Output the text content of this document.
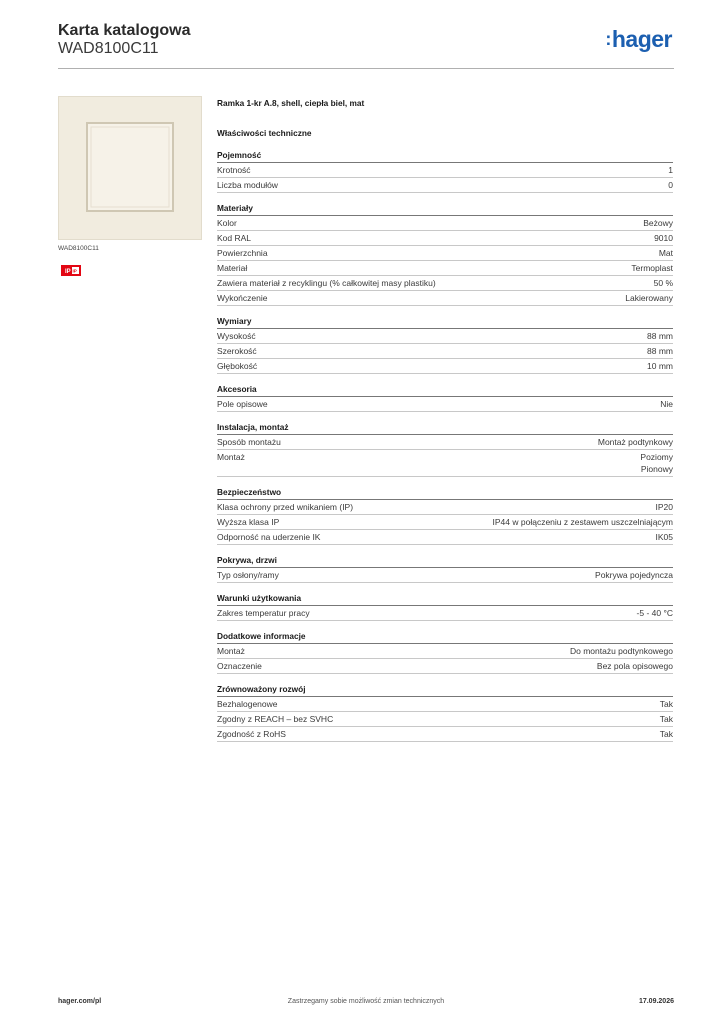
Karta katalogowa
WAD8100C11	:hager
WAD8100C11
IP IP
Ramka 1-kr A.8, shell, ciepła biel, mat
Właściwości techniczne
Pojemność
Krotność	1
Liczba modułów	0
Materiały
Kolor	Beżowy
Kod RAL	9010
Powierzchnia	Mat
Materiał	Termoplast
Zawiera materiał z recyklingu (% całkowitej masy plastiku)	50 %
Wykończenie	Lakierowany
Wymiary
Wysokość	88 mm
Szerokość	88 mm
Głębokość	10 mm
Akcesoria
Pole opisowe	Nie
Instalacja, montaż
Sposób montażu	Montaż podtynkowy
Montaż	Poziomy
Pionowy
Bezpieczeństwo
Klasa ochrony przed wnikaniem (IP)	IP20
Wyższa klasa IP	IP44 w połączeniu z zestawem uszczelniającym
Odporność na uderzenie IK	IK05
Pokrywa, drzwi
Typ osłony/ramy	Pokrywa pojedyncza
Warunki użytkowania
Zakres temperatur pracy	-5 - 40 °C
Dodatkowe informacje
Montaż	Do montażu podtynkowego
Oznaczenie	Bez pola opisowego
Zrównoważony rozwój
Bezhalogenowe	Tak
Zgodny z REACH – bez SVHC	Tak
Zgodność z RoHS	Tak
hager.com/pl	Zastrzegamy sobie możliwość zmian technicznych	17.09.2026
